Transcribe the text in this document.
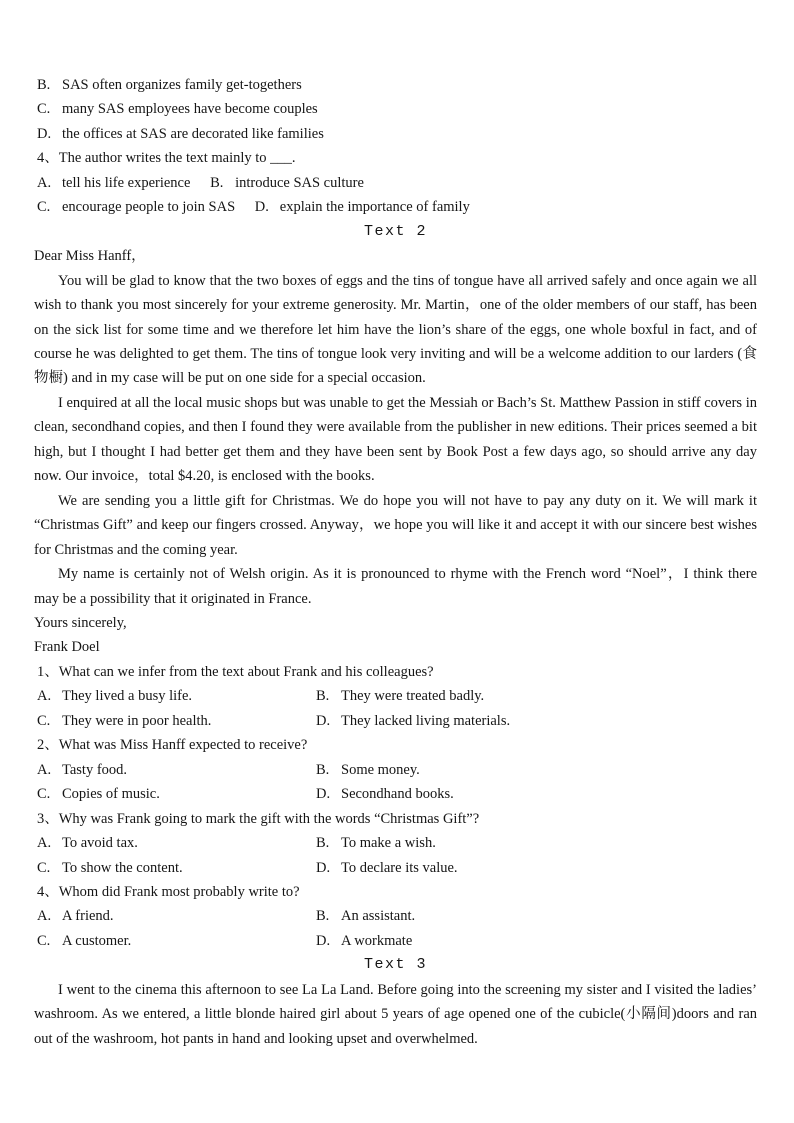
B. SAS often organizes family get-togethers
C. many SAS employees have become couples
D. the offices at SAS are decorated like families
4、The author writes the text mainly to ___.
A. tell his life experience B. introduce SAS culture
C. encourage people to join SAS D. explain the importance of family
Text 2
Dear Miss Hanff，

You will be glad to know that the two boxes of eggs and the tins of tongue have all arrived safely and once again we all wish to thank you most sincerely for your extreme generosity. Mr. Martin，one of the older members of our staff, has been on the sick list for some time and we therefore let him have the lion’s share of the eggs, one whole boxful in fact, and of course he was delighted to get them. The tins of tongue look very inviting and will be a welcome addition to our larders (食物橱) and in my case will be put on one side for a special occasion.

I enquired at all the local music shops but was unable to get the Messiah or Bach’s St. Matthew Passion in stiff covers in clean, secondhand copies, and then I found they were available from the publisher in new editions. Their prices seemed a bit high, but I thought I had better get them and they have been sent by Book Post a few days ago, so should arrive any day now. Our invoice，total $4.20, is enclosed with the books.

We are sending you a little gift for Christmas. We do hope you will not have to pay any duty on it. We will mark it “Christmas Gift” and keep our fingers crossed. Anyway，we hope you will like it and accept it with our sincere best wishes for Christmas and the coming year.

My name is certainly not of Welsh origin. As it is pronounced to rhyme with the French word “Noel”，I think there may be a possibility that it originated in France.

Yours sincerely,
Frank Doel
1、What can we infer from the text about Frank and his colleagues?
A. They lived a busy life.	B. They were treated badly.
C. They were in poor health.	D. They lacked living materials.
2、What was Miss Hanff expected to receive?
A. Tasty food.	B. Some money.
C. Copies of music.	D. Secondhand books.
3、Why was Frank going to mark the gift with the words “Christmas Gift”?
A. To avoid tax.	B. To make a wish.
C. To show the content.	D. To declare its value.
4、Whom did Frank most probably write to?
A. A friend.	B. An assistant.
C. A customer.	D. A workmate
Text 3

I went to the cinema this afternoon to see La La Land. Before going into the screening my sister and I visited the ladies’ washroom. As we entered, a little blonde haired girl about 5 years of age opened one of the cubicle(小隔间)doors and ran out of the washroom, hot pants in hand and looking upset and overwhelmed.
